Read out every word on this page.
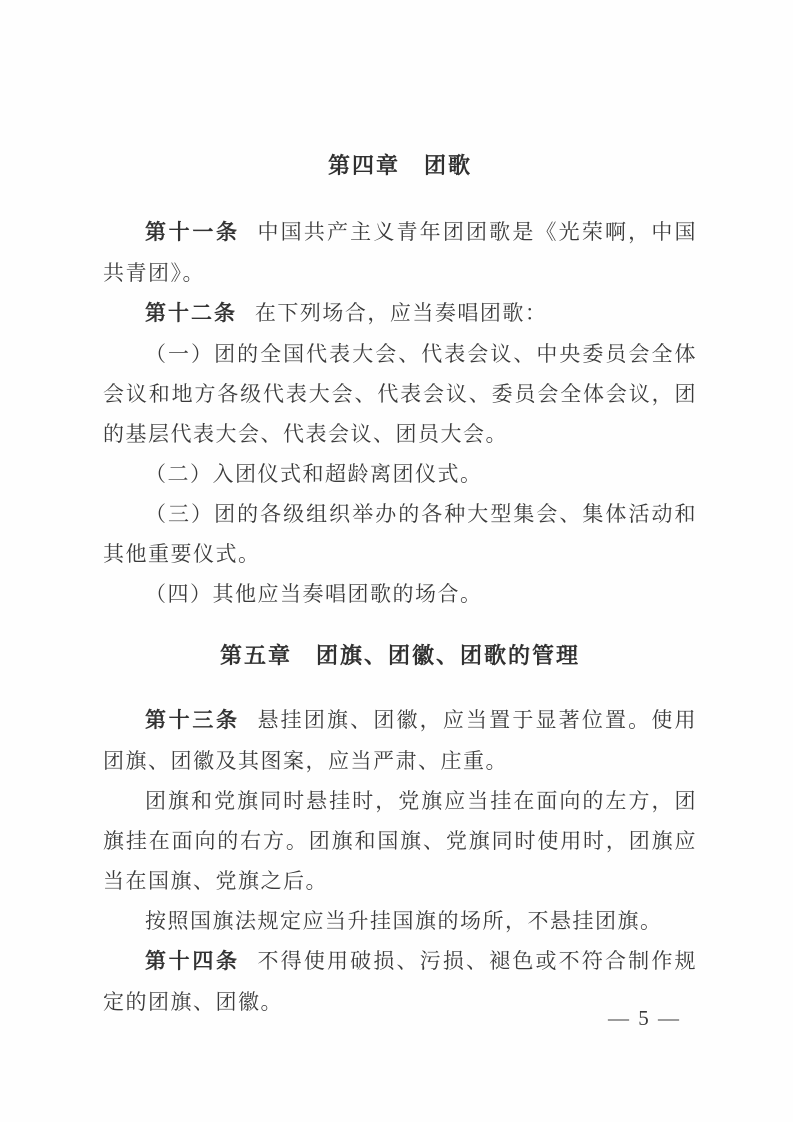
第四章　团歌

第十一条 中国共产主义青年团团歌是《光荣啊，中国共青团》。

第十二条 在下列场合，应当奏唱团歌：

（一）团的全国代表大会、代表会议、中央委员会全体会议和地方各级代表大会、代表会议、委员会全体会议，团的基层代表大会、代表会议、团员大会。

（二）入团仪式和超龄离团仪式。

（三）团的各级组织举办的各种大型集会、集体活动和其他重要仪式。

（四）其他应当奏唱团歌的场合。

第五章　团旗、团徽、团歌的管理

第十三条 悬挂团旗、团徽，应当置于显著位置。使用团旗、团徽及其图案，应当严肃、庄重。

团旗和党旗同时悬挂时，党旗应当挂在面向的左方，团旗挂在面向的右方。团旗和国旗、党旗同时使用时，团旗应当在国旗、党旗之后。

按照国旗法规定应当升挂国旗的场所，不悬挂团旗。

第十四条 不得使用破损、污损、褪色或不符合制作规定的团旗、团徽。

— 5 —
